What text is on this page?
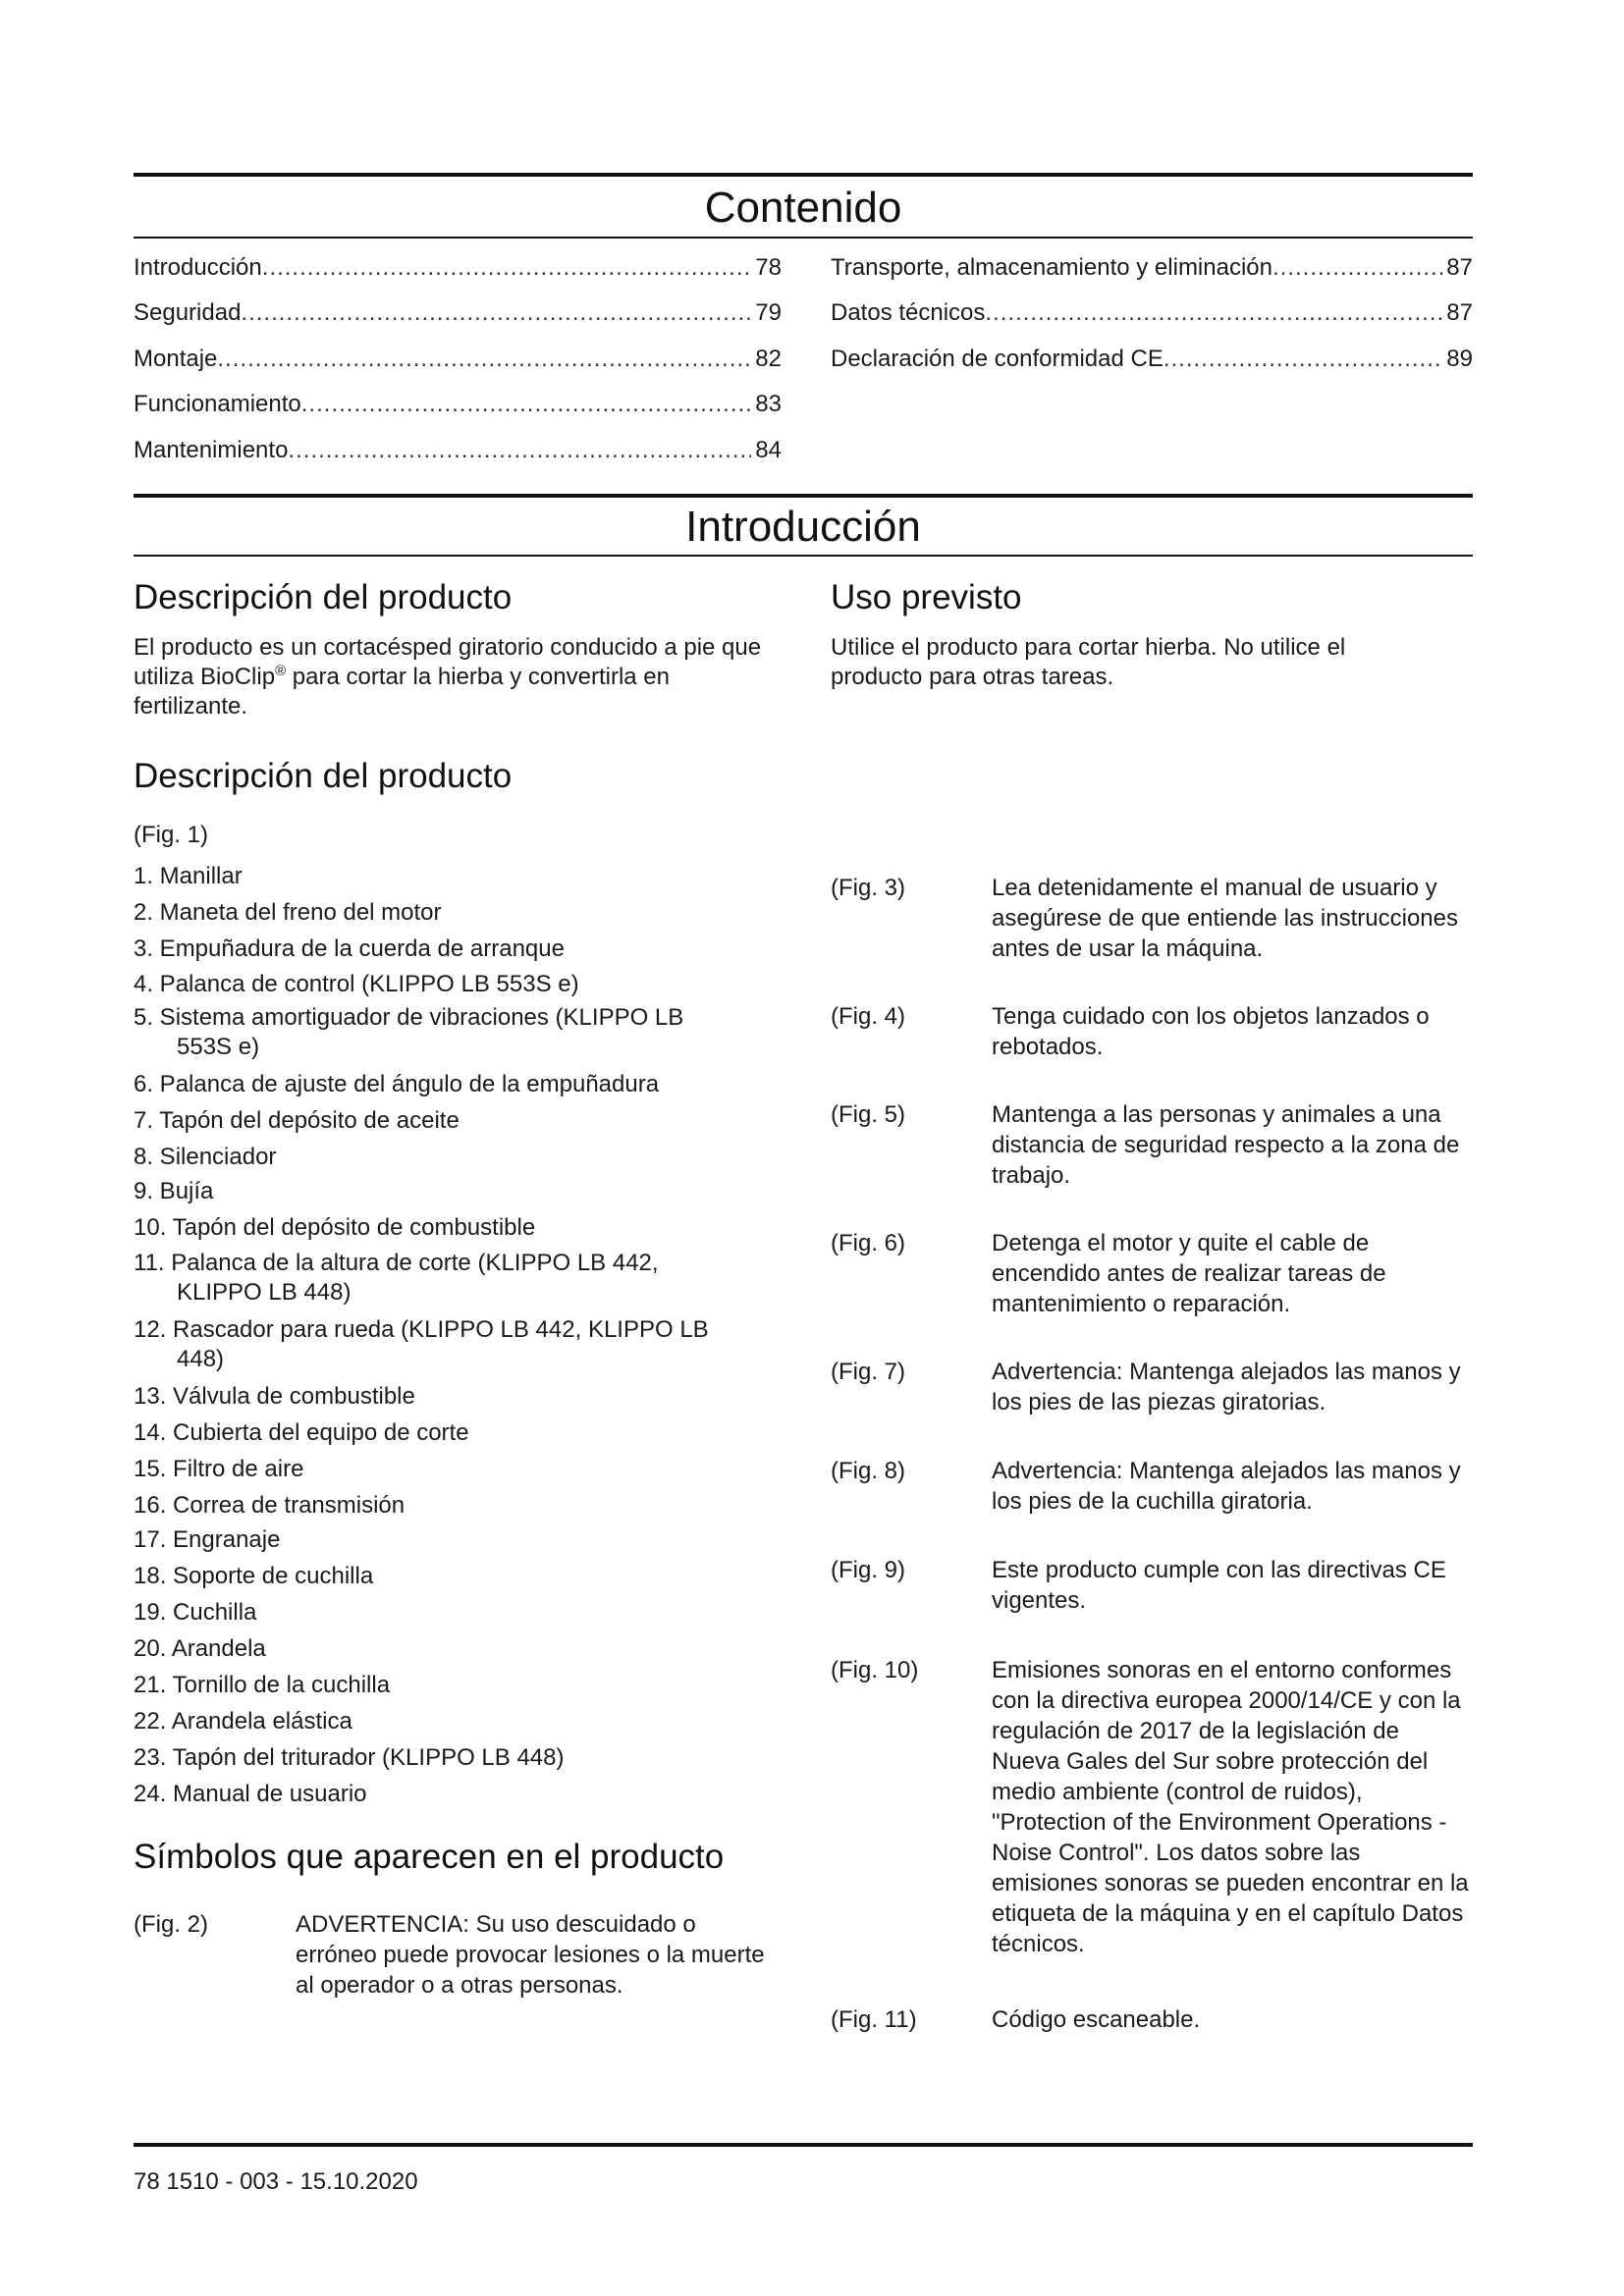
Contenido
Introducción .....	78
Seguridad .....	79
Montaje .....	82
Funcionamiento .....	83
Mantenimiento .....	84
Transporte, almacenamiento y eliminación .....	87
Datos técnicos .....	87
Declaración de conformidad CE .....	89
Introducción
Descripción del producto
El producto es un cortacésped giratorio conducido a pie que utiliza BioClip® para cortar la hierba y convertirla en fertilizante.
Uso previsto
Utilice el producto para cortar hierba. No utilice el producto para otras tareas.
Descripción del producto
(Fig. 1)
1. Manillar
2. Maneta del freno del motor
3. Empuñadura de la cuerda de arranque
4. Palanca de control (KLIPPO LB 553S e)
5. Sistema amortiguador de vibraciones (KLIPPO LB
553S e)
6. Palanca de ajuste del ángulo de la empuñadura
7. Tapón del depósito de aceite
8. Silenciador
9. Bujía
10. Tapón del depósito de combustible
11. Palanca de la altura de corte (KLIPPO LB 442,
KLIPPO LB 448)
12. Rascador para rueda (KLIPPO LB 442, KLIPPO LB
448)
13. Válvula de combustible
14. Cubierta del equipo de corte
15. Filtro de aire
16. Correa de transmisión
17. Engranaje
18. Soporte de cuchilla
19. Cuchilla
20. Arandela
21. Tornillo de la cuchilla
22. Arandela elástica
23. Tapón del triturador (KLIPPO LB 448)
24. Manual de usuario
Símbolos que aparecen en el producto
(Fig. 2)	ADVERTENCIA: Su uso descuidado o erróneo puede provocar lesiones o la muerte al operador o a otras personas.
(Fig. 3)	Lea detenidamente el manual de usuario y asegúrese de que entiende las instrucciones antes de usar la máquina.
(Fig. 4)	Tenga cuidado con los objetos lanzados o rebotados.
(Fig. 5)	Mantenga a las personas y animales a una distancia de seguridad respecto a la zona de trabajo.
(Fig. 6)	Detenga el motor y quite el cable de encendido antes de realizar tareas de mantenimiento o reparación.
(Fig. 7)	Advertencia: Mantenga alejados las manos y los pies de las piezas giratorias.
(Fig. 8)	Advertencia: Mantenga alejados las manos y los pies de la cuchilla giratoria.
(Fig. 9)	Este producto cumple con las directivas CE vigentes.
(Fig. 10)	Emisiones sonoras en el entorno conformes con la directiva europea 2000/14/CE y con la regulación de 2017 de la legislación de Nueva Gales del Sur sobre protección del medio ambiente (control de ruidos), "Protection of the Environment Operations - Noise Control". Los datos sobre las emisiones sonoras se pueden encontrar en la etiqueta de la máquina y en el capítulo Datos técnicos.
(Fig. 11)	Código escaneable.
78 1510 - 003 - 15.10.2020
